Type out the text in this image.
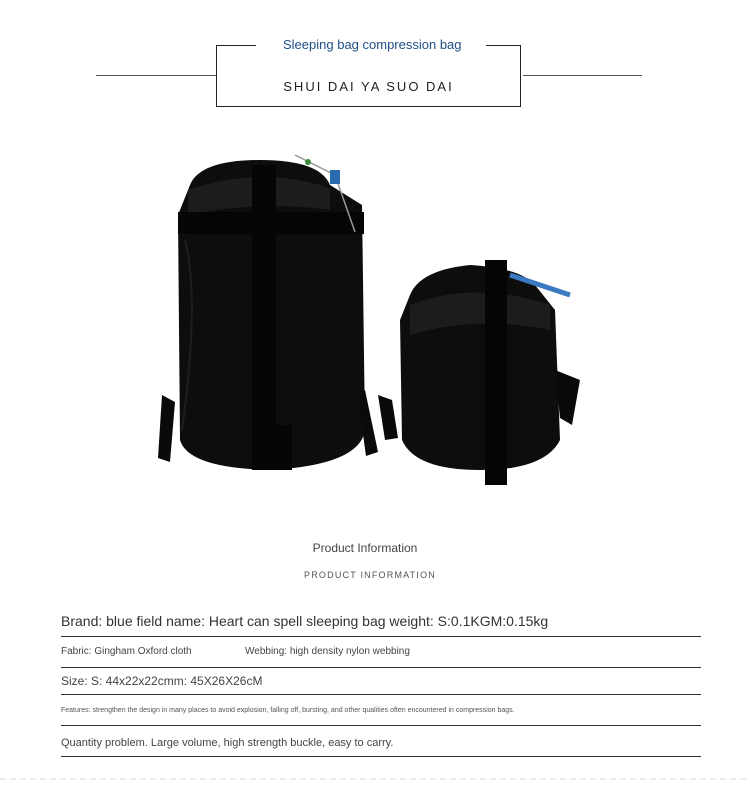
Sleeping bag compression bag
SHUI DAI YA SUO DAI
Product Information
PRODUCT INFORMATION
Brand: blue field name: Heart can spell sleeping bag weight: S:0.1KGM:0.15kg
Fabric: Gingham Oxford cloth	Webbing: high density nylon webbing
Size: S: 44x22x22cmm: 45X26X26cM
Features: strengthen the design in many places to avoid explosion, falling off, bursting, and other qualities often encountered in compression bags.
Quantity problem. Large volume, high strength buckle, easy to carry.
